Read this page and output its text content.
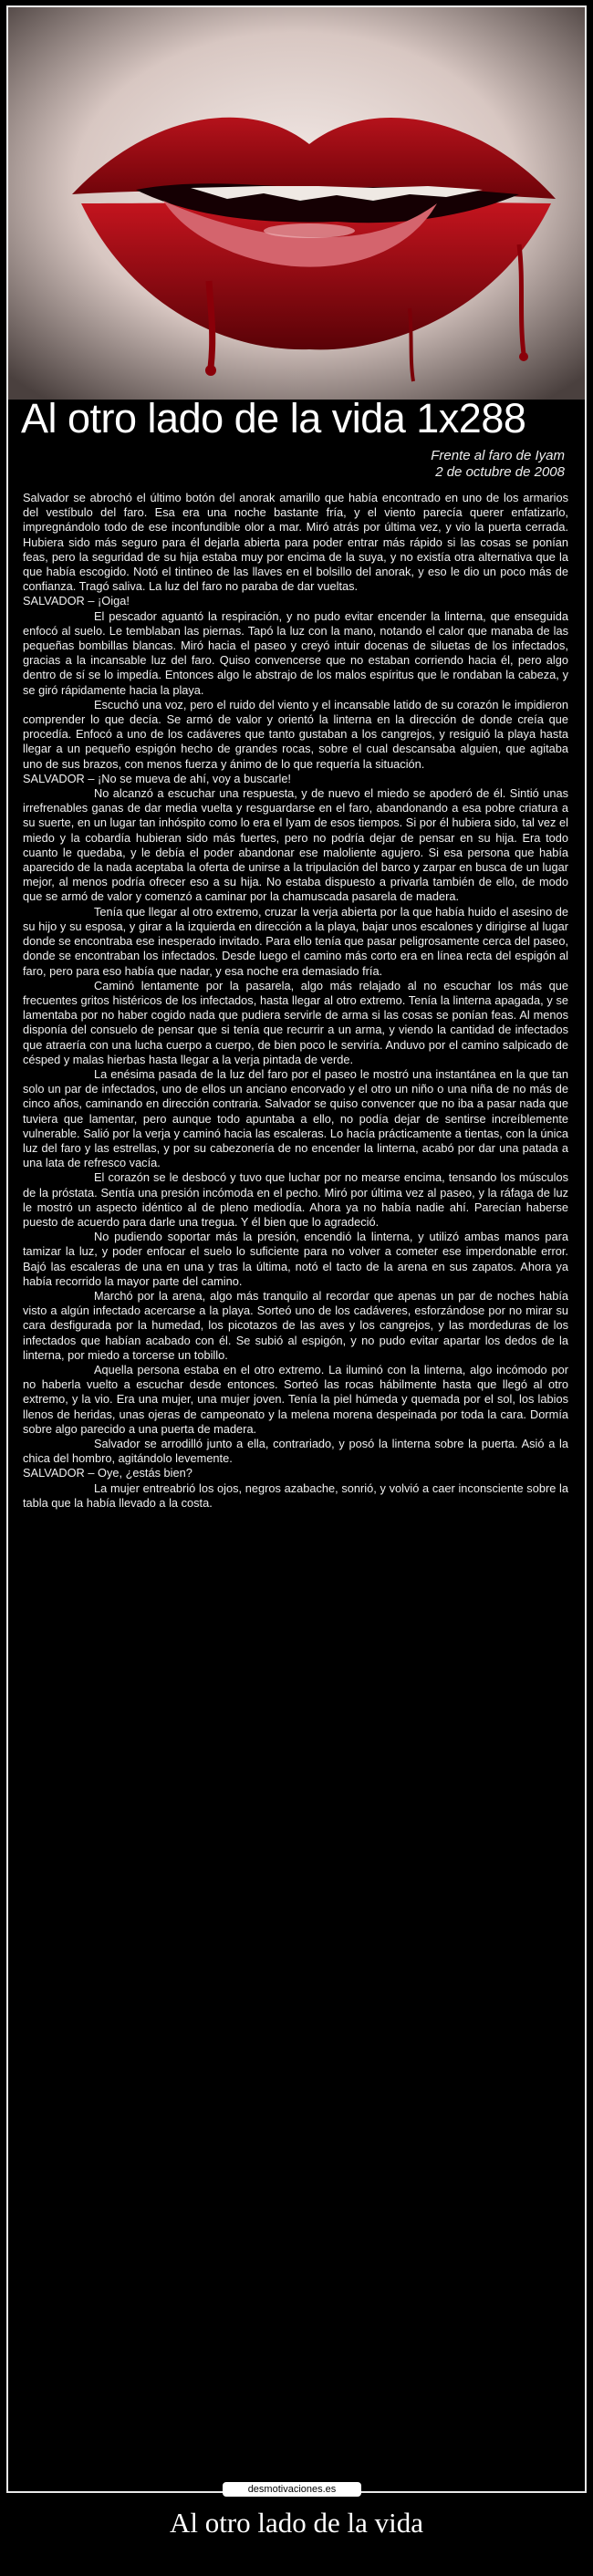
Al otro lado de la vida 1x288
Frente al faro de Iyam
2 de octubre de 2008

Salvador se abrochó el último botón del anorak amarillo que había encontrado en uno de los armarios del vestíbulo del faro. Esa era una noche bastante fría, y el viento parecía querer enfatizarlo, impregnándolo todo de ese inconfundible olor a mar. Miró atrás por última vez, y vio la puerta cerrada. Hubiera sido más seguro para él dejarla abierta para poder entrar más rápido si las cosas se ponían feas, pero la seguridad de su hija estaba muy por encima de la suya, y no existía otra alternativa que la que había escogido. Notó el tintineo de las llaves en el bolsillo del anorak, y eso le dio un poco más de confianza. Tragó saliva. La luz del faro no paraba de dar vueltas.

SALVADOR – ¡Oiga!

El pescador aguantó la respiración, y no pudo evitar encender la linterna, que enseguida enfocó al suelo. Le temblaban las piernas. Tapó la luz con la mano, notando el calor que manaba de las pequeñas bombillas blancas. Miró hacia el paseo y creyó intuir docenas de siluetas de los infectados, gracias a la incansable luz del faro. Quiso convencerse que no estaban corriendo hacia él, pero algo dentro de sí se lo impedía. Entonces algo le abstrajo de los malos espíritus que le rondaban la cabeza, y se giró rápidamente hacia la playa.

Escuchó una voz, pero el ruido del viento y el incansable latido de su corazón le impidieron comprender lo que decía. Se armó de valor y orientó la linterna en la dirección de donde creía que procedía. Enfocó a uno de los cadáveres que tanto gustaban a los cangrejos, y resiguió la playa hasta llegar a un pequeño espigón hecho de grandes rocas, sobre el cual descansaba alguien, que agitaba uno de sus brazos, con menos fuerza y ánimo de lo que requería la situación.

SALVADOR – ¡No se mueva de ahí, voy a buscarle!

No alcanzó a escuchar una respuesta, y de nuevo el miedo se apoderó de él. Sintió unas irrefrenables ganas de dar media vuelta y resguardarse en el faro, abandonando a esa pobre criatura a su suerte, en un lugar tan inhóspito como lo era el Iyam de esos tiempos. Si por él hubiera sido, tal vez el miedo y la cobardía hubieran sido más fuertes, pero no podría dejar de pensar en su hija. Era todo cuanto le quedaba, y le debía el poder abandonar ese maloliente agujero. Si esa persona que había aparecido de la nada aceptaba la oferta de unirse a la tripulación del barco y zarpar en busca de un lugar mejor, al menos podría ofrecer eso a su hija. No estaba dispuesto a privarla también de ello, de modo que se armó de valor y comenzó a caminar por la chamuscada pasarela de madera.

Tenía que llegar al otro extremo, cruzar la verja abierta por la que había huido el asesino de su hijo y su esposa, y girar a la izquierda en dirección a la playa, bajar unos escalones y dirigirse al lugar donde se encontraba ese inesperado invitado. Para ello tenía que pasar peligrosamente cerca del paseo, donde se encontraban los infectados. Desde luego el camino más corto era en línea recta del espigón al faro, pero para eso había que nadar, y esa noche era demasiado fría.

Caminó lentamente por la pasarela, algo más relajado al no escuchar los más que frecuentes gritos histéricos de los infectados, hasta llegar al otro extremo. Tenía la linterna apagada, y se lamentaba por no haber cogido nada que pudiera servirle de arma si las cosas se ponían feas. Al menos disponía del consuelo de pensar que si tenía que recurrir a un arma, y viendo la cantidad de infectados que atraería con una lucha cuerpo a cuerpo, de bien poco le serviría. Anduvo por el camino salpicado de césped y malas hierbas hasta llegar a la verja pintada de verde.

La enésima pasada de la luz del faro por el paseo le mostró una instantánea en la que tan solo un par de infectados, uno de ellos un anciano encorvado y el otro un niño o una niña de no más de cinco años, caminando en dirección contraria. Salvador se quiso convencer que no iba a pasar nada que tuviera que lamentar, pero aunque todo apuntaba a ello, no podía dejar de sentirse increíblemente vulnerable. Salió por la verja y caminó hacia las escaleras. Lo hacía prácticamente a tientas, con la única luz del faro y las estrellas, y por su cabezonería de no encender la linterna, acabó por dar una patada a una lata de refresco vacía.

El corazón se le desbocó y tuvo que luchar por no mearse encima, tensando los músculos de la próstata. Sentía una presión incómoda en el pecho. Miró por última vez al paseo, y la ráfaga de luz le mostró un aspecto idéntico al de pleno mediodía. Ahora ya no había nadie ahí. Parecían haberse puesto de acuerdo para darle una tregua. Y él bien que lo agradeció.

No pudiendo soportar más la presión, encendió la linterna, y utilizó ambas manos para tamizar la luz, y poder enfocar el suelo lo suficiente para no volver a cometer ese imperdonable error. Bajó las escaleras de una en una y tras la última, notó el tacto de la arena en sus zapatos. Ahora ya había recorrido la mayor parte del camino.

Marchó por la arena, algo más tranquilo al recordar que apenas un par de noches había visto a algún infectado acercarse a la playa. Sorteó uno de los cadáveres, esforzándose por no mirar su cara desfigurada por la humedad, los picotazos de las aves y los cangrejos, y las mordeduras de los infectados que habían acabado con él. Se subió al espigón, y no pudo evitar apartar los dedos de la linterna, por miedo a torcerse un tobillo.

Aquella persona estaba en el otro extremo. La iluminó con la linterna, algo incómodo por no haberla vuelto a escuchar desde entonces. Sorteó las rocas hábilmente hasta que llegó al otro extremo, y la vio. Era una mujer, una mujer joven. Tenía la piel húmeda y quemada por el sol, los labios llenos de heridas, unas ojeras de campeonato y la melena morena despeinada por toda la cara. Dormía sobre algo parecido a una puerta de madera.

Salvador se arrodilló junto a ella, contrariado, y posó la linterna sobre la puerta. Asió a la chica del hombro, agitándolo levemente.

SALVADOR – Oye, ¿estás bien?

La mujer entreabrió los ojos, negros azabache, sonrió, y volvió a caer inconsciente sobre la tabla que la había llevado a la costa.

desmotivaciones.es
Al otro lado de la vida
